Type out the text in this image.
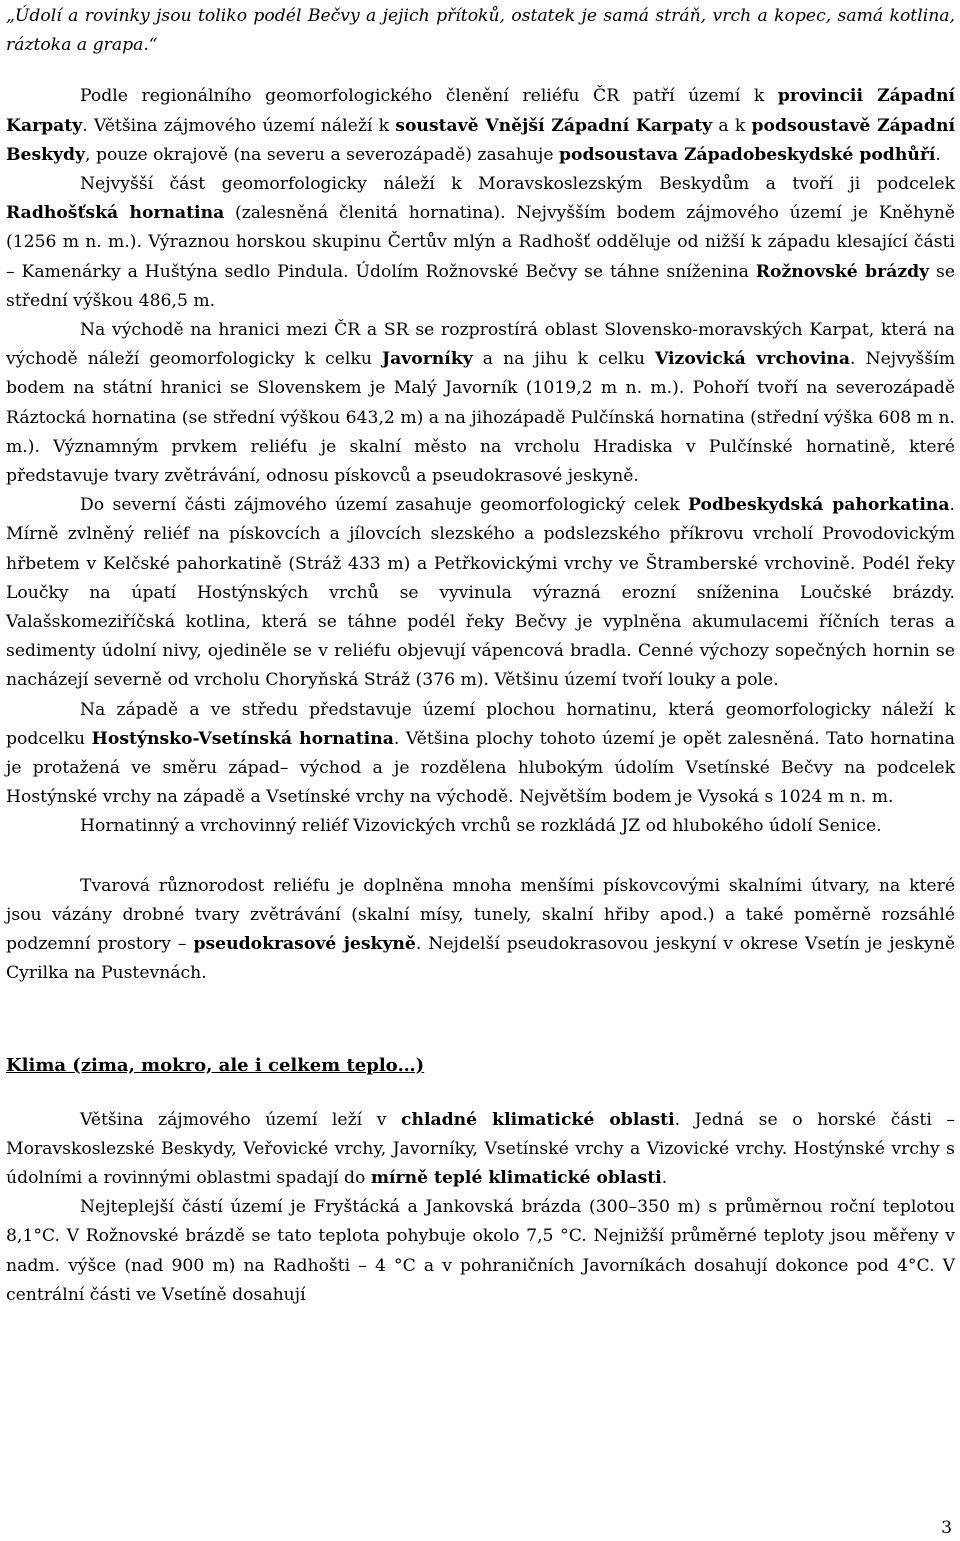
„Údolí a rovinky jsou toliko podél Bečvy a jejich přítoků, ostatek je samá stráň, vrch a kopec, samá kotlina, ráztoka a grapa.“

Podle regionálního geomorfologického členění reliéfu ČR patří území k provincii Západní Karpaty. Většina zájmového území náleží k soustavě Vnější Západní Karpaty a k podsoustavě Západní Beskydy, pouze okrajově (na severu a severozápadě) zasahuje podsoustava Západobeskydské podhůří.

Nejvyšší část geomorfologicky náleží k Moravskoslezským Beskydům a tvoří ji podcelek Radhošťská hornatina (zalesněná členitá hornatina). Nejvyšším bodem zájmového území je Kněhyně (1256 m n. m.). Výraznou horskou skupinu Čertův mlýn a Radhošť odděluje od nižší k západu klesající části – Kamenárky a Huštýna sedlo Pindula. Údolím Rožnovské Bečvy se táhne sníženina Rožnovské brázdy se střední výškou 486,5 m.

Na východě na hranici mezi ČR a SR se rozprostírá oblast Slovensko-moravských Karpat, která na východě náleží geomorfologicky k celku Javorníky a na jihu k celku Vizovická vrchovina. Nejvyšším bodem na státní hranici se Slovenskem je Malý Javorník (1019,2 m n. m.). Pohoří tvoří na severozápadě Ráztocká hornatina (se střední výškou 643,2 m) a na jihozápadě Pulčínská hornatina (střední výška 608 m n. m.). Významným prvkem reliéfu je skalní město na vrcholu Hradiska v Pulčínské hornatině, které představuje tvary zvětrávání, odnosu pískovců a pseudokrasové jeskyně.

Do severní části zájmového území zasahuje geomorfologický celek Podbeskydská pahorkatina. Mírně zvlněný reliéf na pískovcích a jílovcích slezského a podslezského příkrovu vrcholí Provodovickým hřbetem v Kelčské pahorkatině (Stráž 433 m) a Petřkovickými vrchy ve Štramberské vrchovině. Podél řeky Loučky na úpatí Hostýnských vrchů se vyvinula výrazná erozní sníženina Loučské brázdy. Valašskomeziříčská kotlina, která se táhne podél řeky Bečvy je vyplněna akumulacemi říčních teras a sedimenty údolní nivy, ojediněle se v reliéfu objevují vápencová bradla. Cenné výchozy sopečných hornin se nacházejí severně od vrcholu Choryňská Stráž (376 m). Většinu území tvoří louky a pole.

Na západě a ve středu představuje území plochou hornatinu, která geomorfologicky náleží k podcelku Hostýnsko-Vsetínská hornatina. Většina plochy tohoto území je opět zalesněná. Tato hornatina je protažená ve směru západ– východ a je rozdělena hlubokým údolím Vsetínské Bečvy na podcelek Hostýnské vrchy na západě a Vsetínské vrchy na východě. Největším bodem je Vysoká s 1024 m n. m.

Hornatinný a vrchovinný reliéf Vizovických vrchů se rozkládá JZ od hlubokého údolí Senice.

Tvarová různorodost reliéfu je doplněna mnoha menšími pískovcovými skalními útvary, na které jsou vázány drobné tvary zvětrávání (skalní mísy, tunely, skalní hřiby apod.) a také poměrně rozsáhlé podzemní prostory – pseudokrasové jeskyně. Nejdelší pseudokrasovou jeskyní v okrese Vsetín je jeskyně Cyrilka na Pustevnách.

Klima (zima, mokro, ale i celkem teplo…)

Většina zájmového území leží v chladné klimatické oblasti. Jedná se o horské části – Moravskoslezské Beskydy, Veřovické vrchy, Javorníky, Vsetínské vrchy a Vizovické vrchy. Hostýnské vrchy s údolními a rovinnými oblastmi spadají do mírně teplé klimatické oblasti.

Nejteplejší částí území je Fryštácká a Jankovská brázda (300–350 m) s průměrnou roční teplotou 8,1°C. V Rožnovské brázdě se tato teplota pohybuje okolo 7,5 °C. Nejnižší průměrné teploty jsou měřeny v nadm. výšce (nad 900 m) na Radhošti – 4 °C a v pohraničních Javorníkách dosahují dokonce pod 4°C. V centrální části ve Vsetíně dosahují

3
